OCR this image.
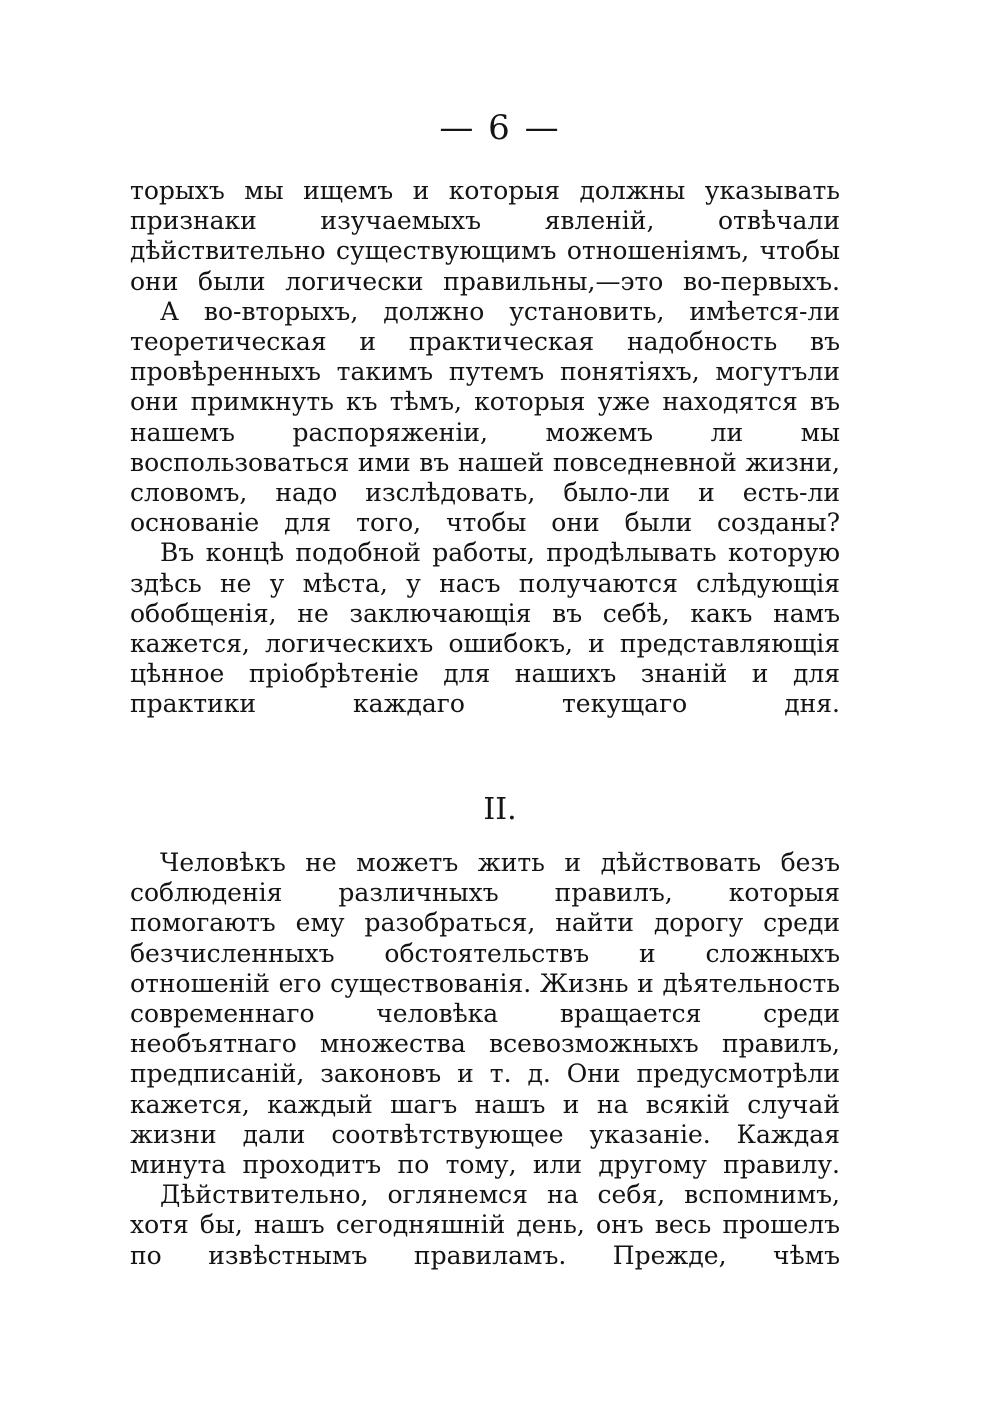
— 6 —

торыхъ мы ищемъ и которыя должны указывать признаки изучаемыхъ явленій, отвѣчали дѣйствительно существующимъ отношеніямъ, чтобы они были логически правильны,—это во-первыхъ.

А во-вторыхъ, должно установить, имѣется-ли теоретическая и практическая надобность въ провѣренныхъ такимъ путемъ понятіяхъ, могутъли они примкнуть къ тѣмъ, которыя уже находятся въ нашемъ распоряженіи, можемъ ли мы воспользоваться ими въ нашей повседневной жизни, словомъ, надо изслѣдовать, было-ли и есть-ли основаніе для того, чтобы они были созданы?

Въ концѣ подобной работы, продѣлывать которую здѣсь не у мѣста, у насъ получаются слѣдующія обобщенія, не заключающія въ себѣ, какъ намъ кажется, логическихъ ошибокъ, и представляющія цѣнное пріобрѣтеніе для нашихъ знаній и для практики каждаго текущаго дня.

II.

Человѣкъ не можетъ жить и дѣйствовать безъ соблюденія различныхъ правилъ, которыя помогаютъ ему разобраться, найти дорогу среди безчисленныхъ обстоятельствъ и сложныхъ отношеній его существованія. Жизнь и дѣятельность современнаго человѣка вращается среди необъятнаго множества всевозможныхъ правилъ, предписаній, законовъ и т. д. Они предусмотрѣли кажется, каждый шагъ нашъ и на всякій случай жизни дали соотвѣтствующее указаніе. Каждая минута проходитъ по тому, или другому правилу.

Дѣйствительно, оглянемся на себя, вспомнимъ, хотя бы, нашъ сегодняшній день, онъ весь прошелъ по извѣстнымъ правиламъ. Прежде, чѣмъ
